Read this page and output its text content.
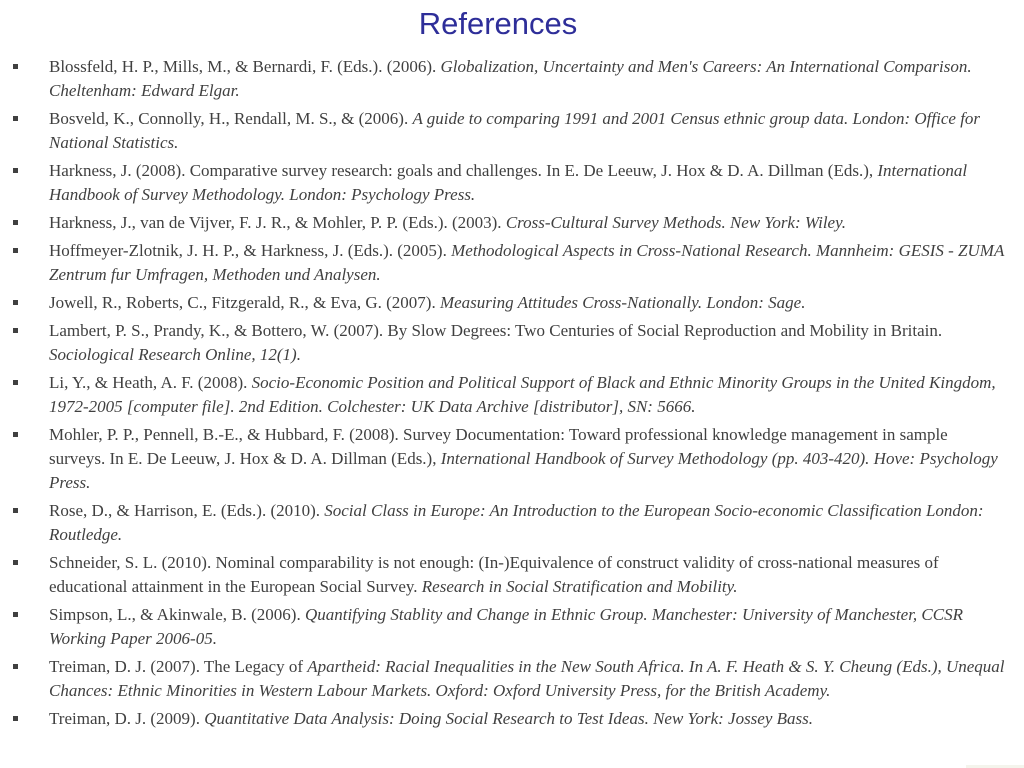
References
Blossfeld, H. P., Mills, M., & Bernardi, F. (Eds.). (2006). Globalization, Uncertainty and Men's Careers: An International Comparison. Cheltenham: Edward Elgar.
Bosveld, K., Connolly, H., Rendall, M. S., & (2006). A guide to comparing 1991 and 2001 Census ethnic group data. London: Office for National Statistics.
Harkness, J. (2008). Comparative survey research: goals and challenges. In E. De Leeuw, J. Hox & D. A. Dillman (Eds.), International Handbook of Survey Methodology. London: Psychology Press.
Harkness, J., van de Vijver, F. J. R., & Mohler, P. P. (Eds.). (2003). Cross-Cultural Survey Methods. New York: Wiley.
Hoffmeyer-Zlotnik, J. H. P., & Harkness, J. (Eds.). (2005). Methodological Aspects in Cross-National Research. Mannheim: GESIS - ZUMA Zentrum fur Umfragen, Methoden und Analysen.
Jowell, R., Roberts, C., Fitzgerald, R., & Eva, G. (2007). Measuring Attitudes Cross-Nationally. London: Sage.
Lambert, P. S., Prandy, K., & Bottero, W. (2007). By Slow Degrees: Two Centuries of Social Reproduction and Mobility in Britain. Sociological Research Online, 12(1).
Li, Y., & Heath, A. F. (2008). Socio-Economic Position and Political Support of Black and Ethnic Minority Groups in the United Kingdom, 1972-2005 [computer file]. 2nd Edition. Colchester: UK Data Archive [distributor], SN: 5666.
Mohler, P. P., Pennell, B.-E., & Hubbard, F. (2008). Survey Documentation: Toward professional knowledge management in sample surveys. In E. De Leeuw, J. Hox & D. A. Dillman (Eds.), International Handbook of Survey Methodology (pp. 403-420). Hove: Psychology Press.
Rose, D., & Harrison, E. (Eds.). (2010). Social Class in Europe: An Introduction to the European Socio-economic Classification London: Routledge.
Schneider, S. L. (2010). Nominal comparability is not enough: (In-)Equivalence of construct validity of cross-national measures of educational attainment in the European Social Survey. Research in Social Stratification and Mobility.
Simpson, L., & Akinwale, B. (2006). Quantifying Stablity and Change in Ethnic Group. Manchester: University of Manchester, CCSR Working Paper 2006-05.
Treiman, D. J. (2007). The Legacy of Apartheid: Racial Inequalities in the New South Africa. In A. F. Heath & S. Y. Cheung (Eds.), Unequal Chances: Ethnic Minorities in Western Labour Markets. Oxford: Oxford University Press, for the British Academy.
Treiman, D. J. (2009). Quantitative Data Analysis: Doing Social Research to Test Ideas. New York: Jossey Bass.
